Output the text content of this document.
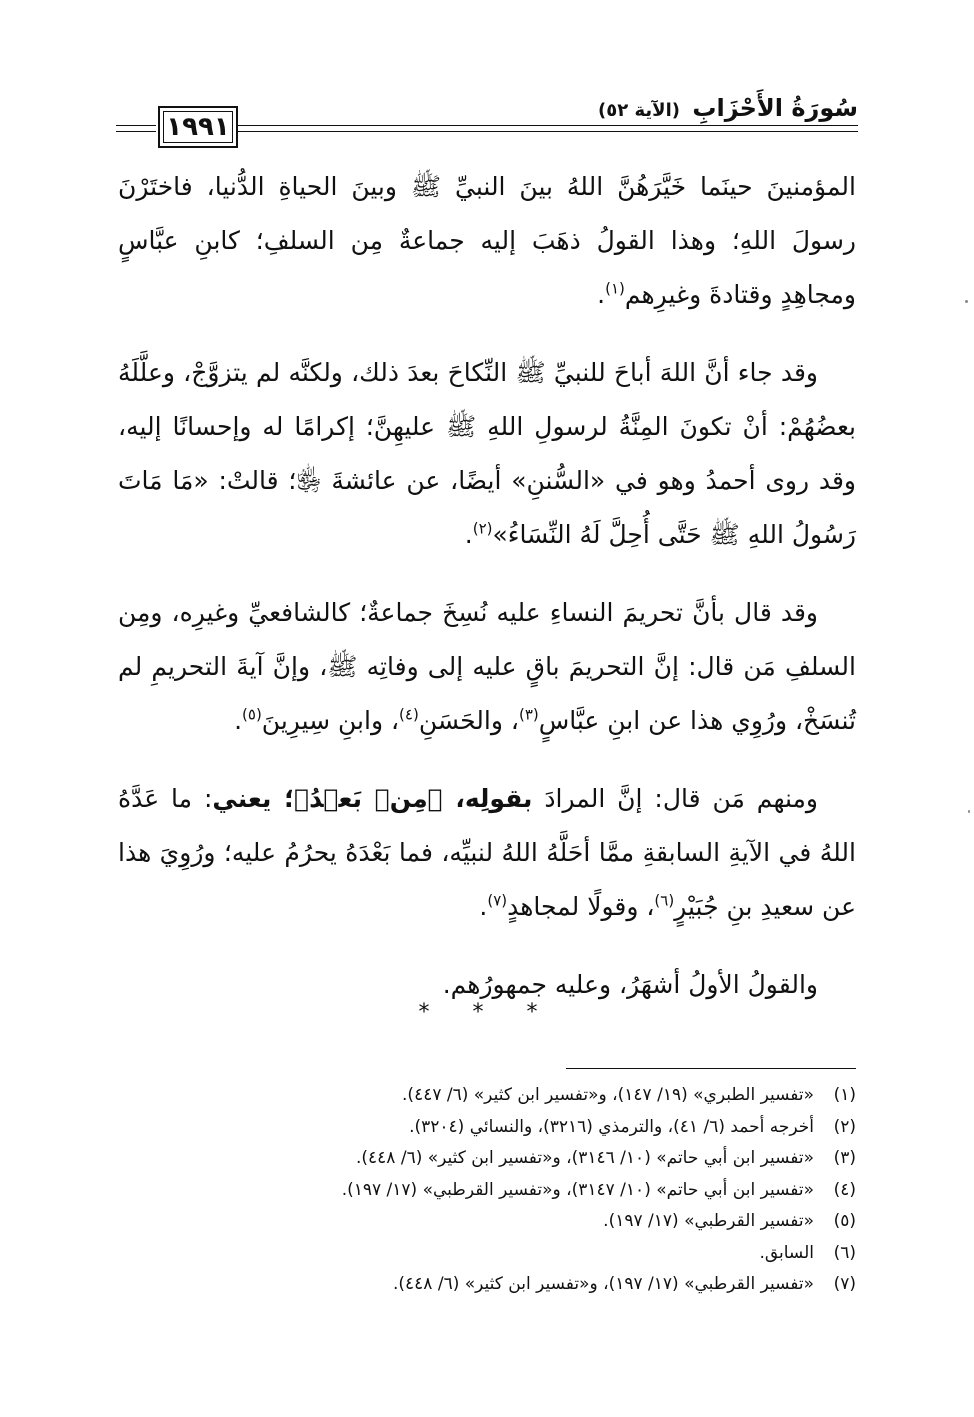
سُورَةُ الأَحْزَابِ (الآية ٥٢)
١٩٩١

المؤمنينَ حينَما خَيَّرَهُنَّ اللهُ بينَ النبيِّ ﷺ وبينَ الحياةِ الدُّنيا، فاختَرْنَ رسولَ اللهِ؛ وهذا القولُ ذهَبَ إليه جماعةٌ مِن السلفِ؛ كابنِ عبَّاسٍ ومجاهِدٍ وقتادةَ وغيرِهم$^{(١)}$.

وقد جاء أنَّ اللهَ أباحَ للنبيِّ ﷺ النِّكاحَ بعدَ ذلك، ولكنَّه لم يتزوَّجْ، وعلَّلَهُ بعضُهُمْ: أنْ تكونَ المِنَّةُ لرسولِ اللهِ ﷺ عليهِنَّ؛ إكرامًا له وإحسانًا إليه، وقد روى أحمدُ وهو في «السُّننِ» أيضًا، عن عائشةَ ﵂؛ قالتْ: «مَا مَاتَ رَسُولُ اللهِ ﷺ حَتَّى أُحِلَّ لَهُ النِّسَاءُ»$^{(٢)}$.

وقد قال بأنَّ تحريمَ النساءِ عليه نُسِخَ جماعةٌ؛ كالشافعيِّ وغيرِه، ومِن السلفِ مَن قال: إنَّ التحريمَ باقٍ عليه إلى وفاتِه ﷺ، وإنَّ آيةَ التحريمِ لم تُنسَخْ، ورُوِي هذا عن ابنِ عبَّاسٍ$^{(٣)}$، والحَسَنِ$^{(٤)}$، وابنِ سِيرِينَ$^{(٥)}$.

ومنهم مَن قال: إنَّ المرادَ بقولِه، ﴿مِنۢ بَعۡدُ﴾؛ يعني: ما عَدَّهُ اللهُ في الآيةِ السابقةِ ممَّا أحَلَّهُ اللهُ لنبيِّه، فما بَعْدَهُ يحرُمُ عليه؛ ورُوِيَ هذا عن سعيدِ بنِ جُبَيْرٍ$^{(٦)}$، وقولًا لمجاهدٍ$^{(٧)}$.

والقولُ الأولُ أشهَرُ، وعليه جمهورُهم.

* * *
(١)
«تفسير الطبري» (١٩/ ١٤٧)، و«تفسير ابن كثير» (٦/ ٤٤٧).
(٢)
أخرجه أحمد (٦/ ٤١)، والترمذي (٣٢١٦)، والنسائي (٣٢٠٤).
(٣)
«تفسير ابن أبي حاتم» (١٠/ ٣١٤٦)، و«تفسير ابن كثير» (٦/ ٤٤٨).
(٤)
«تفسير ابن أبي حاتم» (١٠/ ٣١٤٧)، و«تفسير القرطبي» (١٧/ ١٩٧).
(٥)
«تفسير القرطبي» (١٧/ ١٩٧).
(٦)
السابق.
(٧)
«تفسير القرطبي» (١٧/ ١٩٧)، و«تفسير ابن كثير» (٦/ ٤٤٨).
